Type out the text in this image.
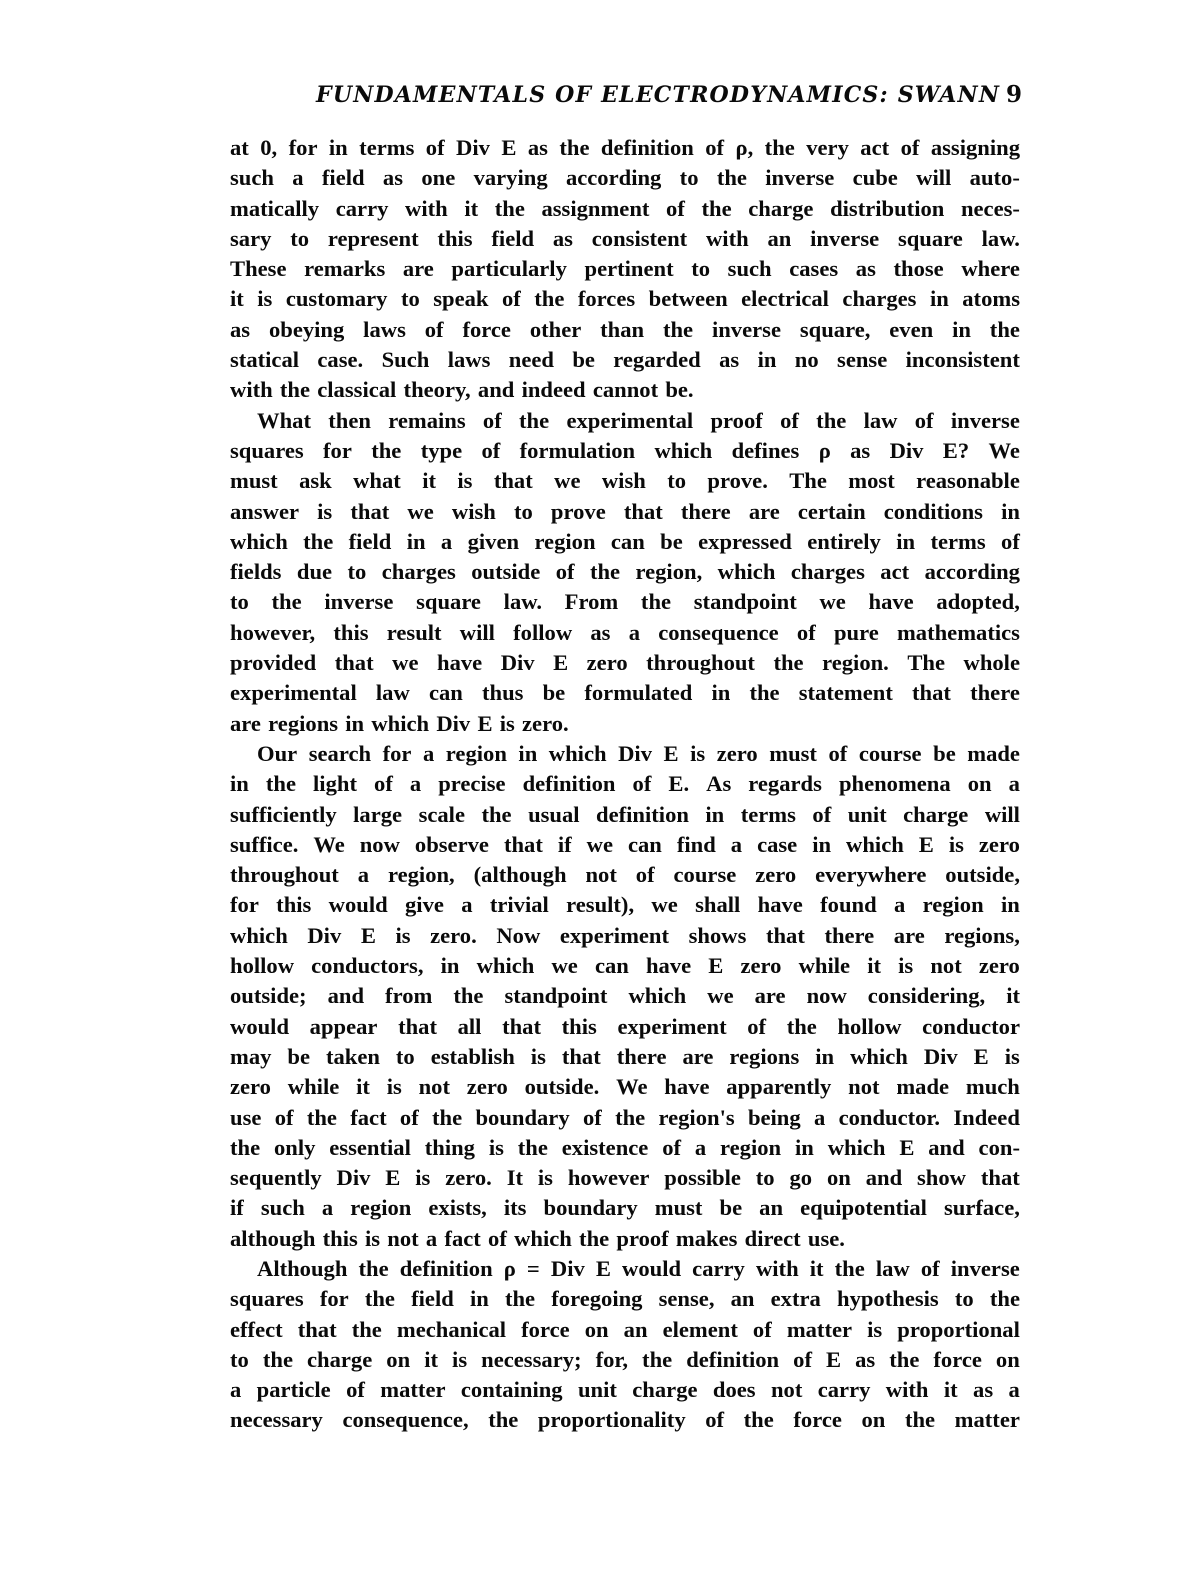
FUNDAMENTALS OF ELECTRODYNAMICS: SWANN 9
at 0, for in terms of Div E as the definition of ρ, the very act of assigning
such a field as one varying according to the inverse cube will auto-
matically carry with it the assignment of the charge distribution neces-
sary to represent this field as consistent with an inverse square law.
These remarks are particularly pertinent to such cases as those where
it is customary to speak of the forces between electrical charges in atoms
as obeying laws of force other than the inverse square, even in the
statical case. Such laws need be regarded as in no sense inconsistent
with the classical theory, and indeed cannot be.
What then remains of the experimental proof of the law of inverse
squares for the type of formulation which defines ρ as Div E? We
must ask what it is that we wish to prove. The most reasonable
answer is that we wish to prove that there are certain conditions in
which the field in a given region can be expressed entirely in terms of
fields due to charges outside of the region, which charges act according
to the inverse square law. From the standpoint we have adopted,
however, this result will follow as a consequence of pure mathematics
provided that we have Div E zero throughout the region. The whole
experimental law can thus be formulated in the statement that there
are regions in which Div E is zero.
Our search for a region in which Div E is zero must of course be made
in the light of a precise definition of E. As regards phenomena on a
sufficiently large scale the usual definition in terms of unit charge will
suffice. We now observe that if we can find a case in which E is zero
throughout a region, (although not of course zero everywhere outside,
for this would give a trivial result), we shall have found a region in
which Div E is zero. Now experiment shows that there are regions,
hollow conductors, in which we can have E zero while it is not zero
outside; and from the standpoint which we are now considering, it
would appear that all that this experiment of the hollow conductor
may be taken to establish is that there are regions in which Div E is
zero while it is not zero outside. We have apparently not made much
use of the fact of the boundary of the region's being a conductor. Indeed
the only essential thing is the existence of a region in which E and con-
sequently Div E is zero. It is however possible to go on and show that
if such a region exists, its boundary must be an equipotential surface,
although this is not a fact of which the proof makes direct use.
Although the definition ρ = Div E would carry with it the law of inverse
squares for the field in the foregoing sense, an extra hypothesis to the
effect that the mechanical force on an element of matter is proportional
to the charge on it is necessary; for, the definition of E as the force on
a particle of matter containing unit charge does not carry with it as a
necessary consequence, the proportionality of the force on the matter
